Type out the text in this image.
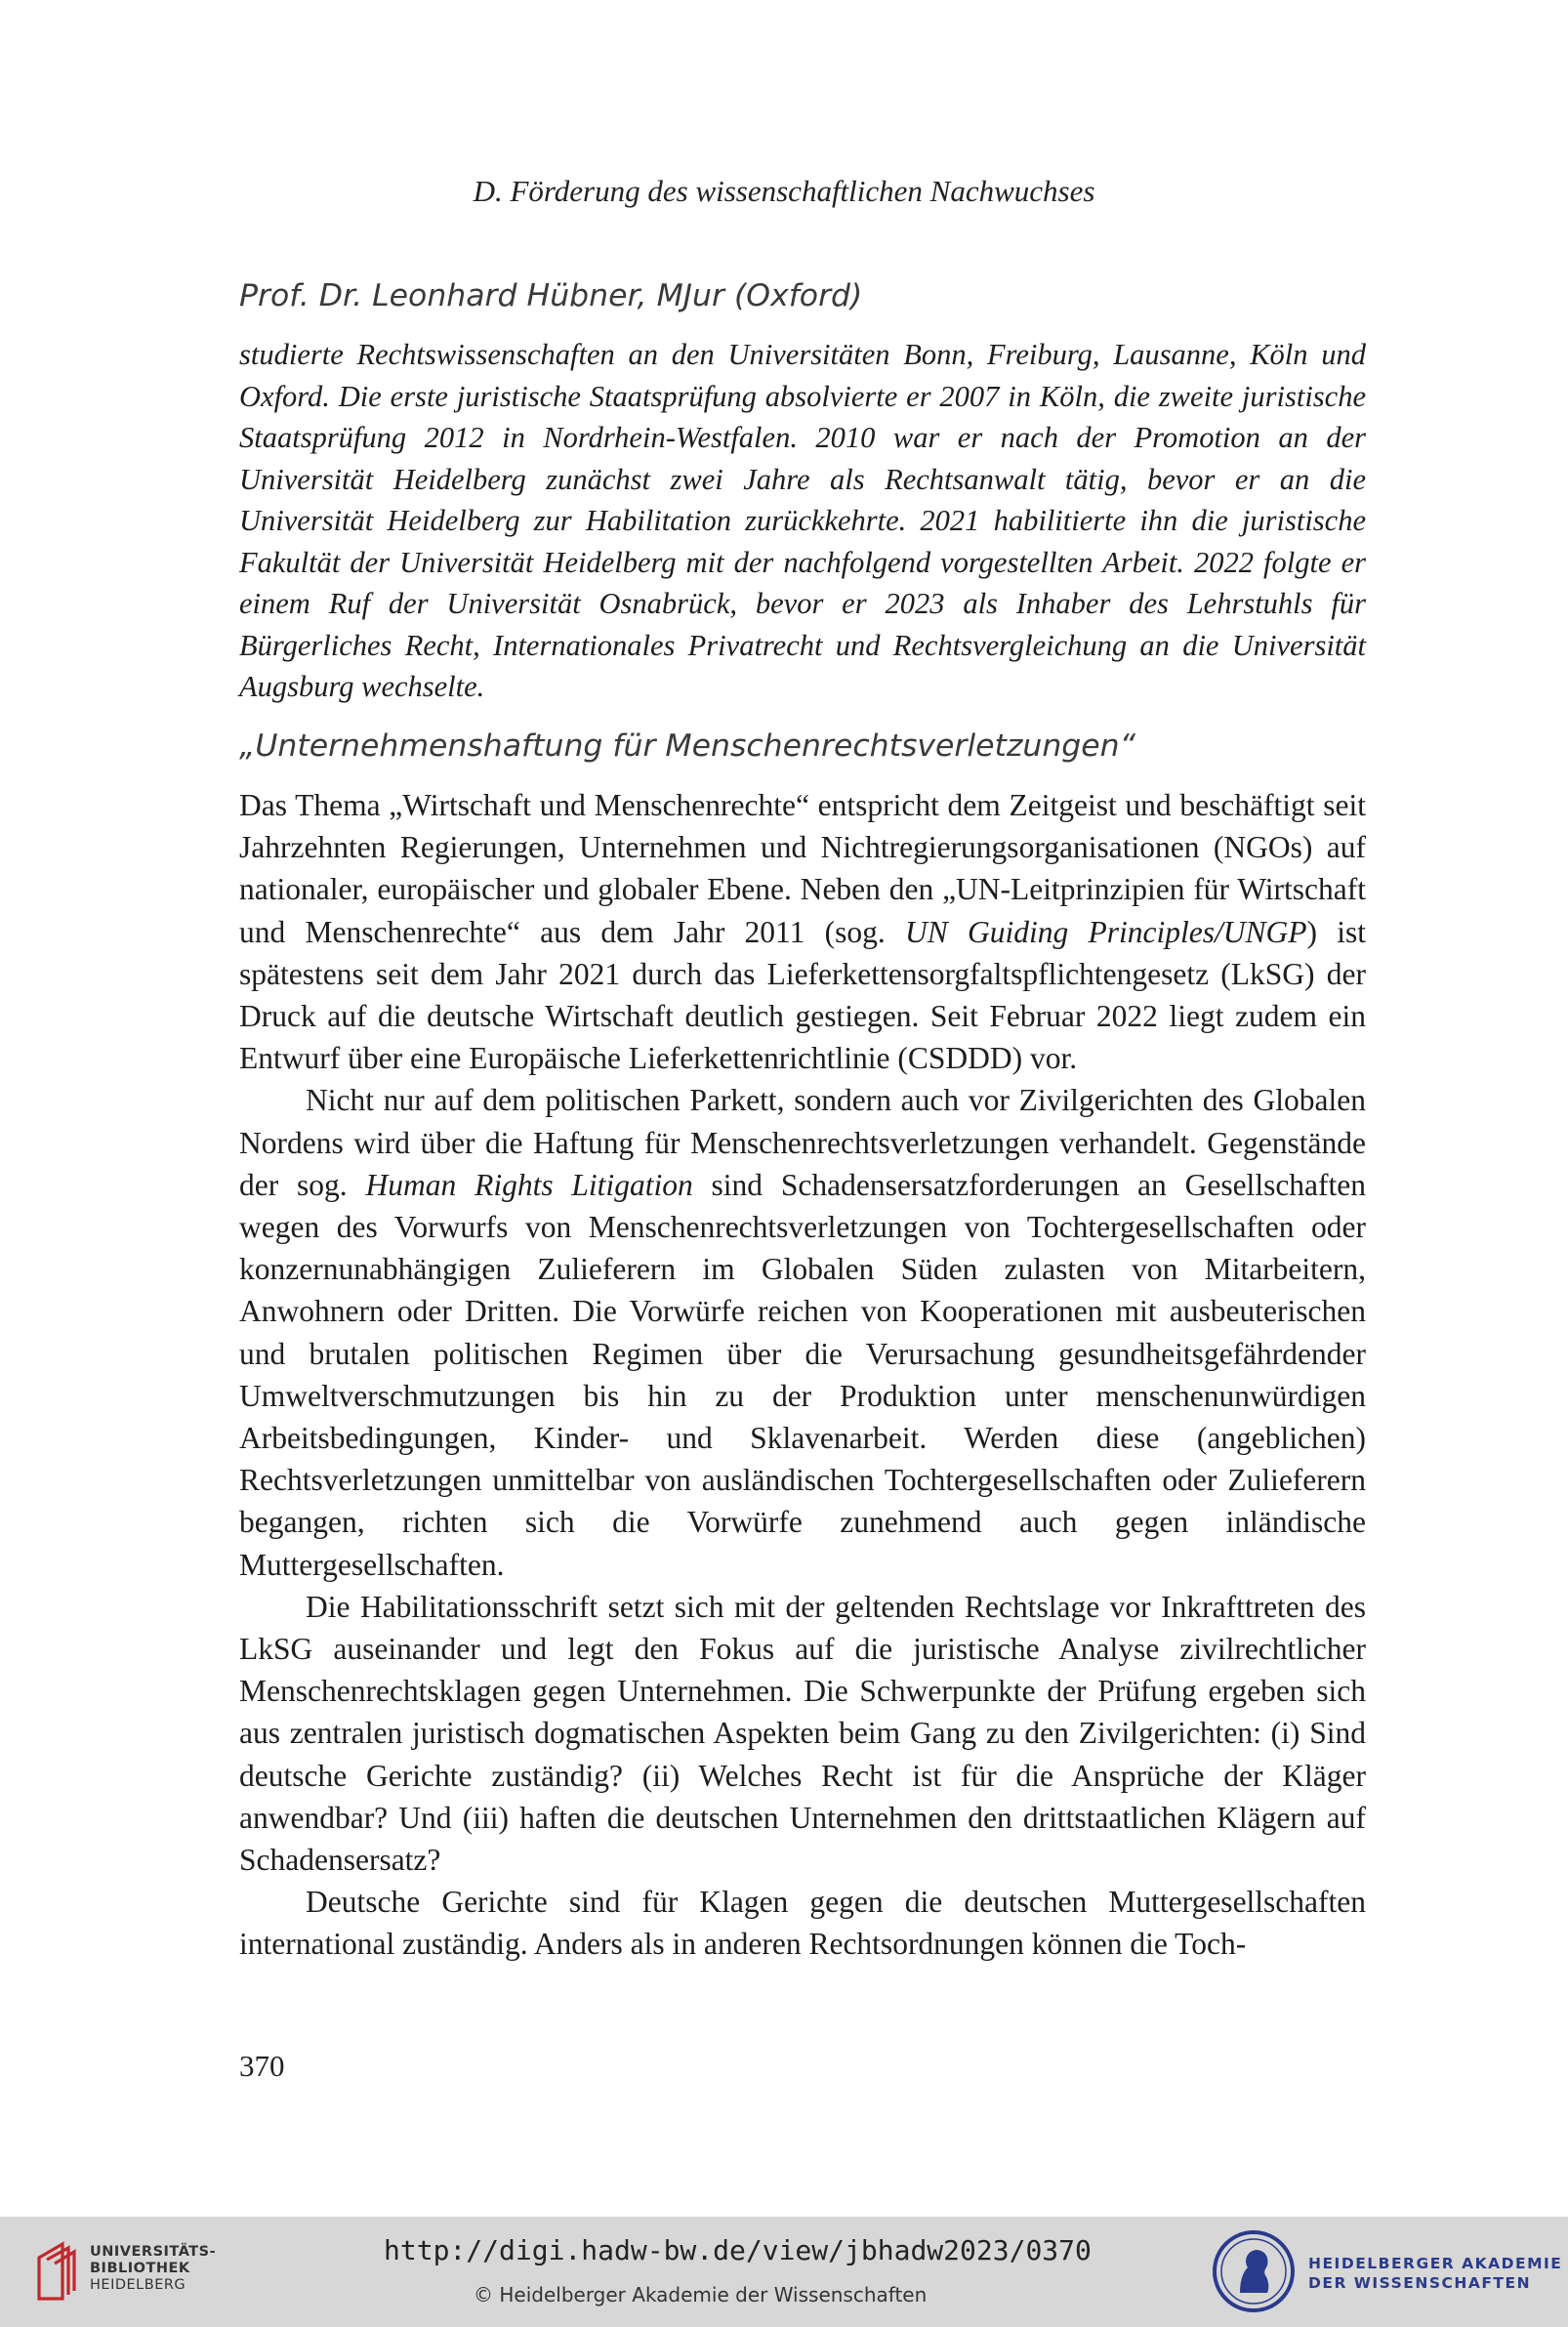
D. Förderung des wissenschaftlichen Nachwuchses
Prof. Dr. Leonhard Hübner, MJur (Oxford)

studierte Rechtswissenschaften an den Universitäten Bonn, Freiburg, Lausanne, Köln und Oxford. Die erste juristische Staatsprüfung absolvierte er 2007 in Köln, die zweite juristische Staatsprüfung 2012 in Nordrhein-Westfalen. 2010 war er nach der Promotion an der Universität Heidelberg zunächst zwei Jahre als Rechtsanwalt tätig, bevor er an die Universität Heidelberg zur Habilitation zurückkehrte. 2021 habilitierte ihn die juristische Fakultät der Universität Heidelberg mit der nachfolgend vorgestellten Arbeit. 2022 folgte er einem Ruf der Universität Osnabrück, bevor er 2023 als Inhaber des Lehrstuhls für Bürgerliches Recht, Internationales Privatrecht und Rechtsvergleichung an die Universität Augsburg wechselte.

„Unternehmenshaftung für Menschenrechtsverletzungen“

Das Thema „Wirtschaft und Menschenrechte“ entspricht dem Zeitgeist und beschäftigt seit Jahrzehnten Regierungen, Unternehmen und Nichtregierungsorganisationen (NGOs) auf nationaler, europäischer und globaler Ebene. Neben den „UN-Leitprinzipien für Wirtschaft und Menschenrechte“ aus dem Jahr 2011 (sog. UN Guiding Principles/UNGP) ist spätestens seit dem Jahr 2021 durch das Lieferkettensorgfaltspflichtengesetz (LkSG) der Druck auf die deutsche Wirtschaft deutlich gestiegen. Seit Februar 2022 liegt zudem ein Entwurf über eine Europäische Lieferkettenrichtlinie (CSDDD) vor.

Nicht nur auf dem politischen Parkett, sondern auch vor Zivilgerichten des Globalen Nordens wird über die Haftung für Menschenrechtsverletzungen verhandelt. Gegenstände der sog. Human Rights Litigation sind Schadensersatzforderungen an Gesellschaften wegen des Vorwurfs von Menschenrechtsverletzungen von Tochtergesellschaften oder konzernunabhängigen Zulieferern im Globalen Süden zulasten von Mitarbeitern, Anwohnern oder Dritten. Die Vorwürfe reichen von Kooperationen mit ausbeuterischen und brutalen politischen Regimen über die Verursachung gesundheitsgefährdender Umweltverschmutzungen bis hin zu der Produktion unter menschenunwürdigen Arbeitsbedingungen, Kinder- und Sklavenarbeit. Werden diese (angeblichen) Rechtsverletzungen unmittelbar von ausländischen Tochtergesellschaften oder Zulieferern begangen, richten sich die Vorwürfe zunehmend auch gegen inländische Muttergesellschaften.

Die Habilitationsschrift setzt sich mit der geltenden Rechtslage vor Inkrafttreten des LkSG auseinander und legt den Fokus auf die juristische Analyse zivilrechtlicher Menschenrechtsklagen gegen Unternehmen. Die Schwerpunkte der Prüfung ergeben sich aus zentralen juristisch dogmatischen Aspekten beim Gang zu den Zivilgerichten: (i) Sind deutsche Gerichte zuständig? (ii) Welches Recht ist für die Ansprüche der Kläger anwendbar? Und (iii) haften die deutschen Unternehmen den drittstaatlichen Klägern auf Schadensersatz?

Deutsche Gerichte sind für Klagen gegen die deutschen Muttergesellschaften international zuständig. Anders als in anderen Rechtsordnungen können die Toch-

370
UNIVERSITÄTS-
BIBLIOTHEK
HEIDELBERG
http://digi.hadw-bw.de/view/jbhadw2023/0370
© Heidelberger Akademie der Wissenschaften
HEIDELBERGER AKADEMIE
DER WISSENSCHAFTEN
